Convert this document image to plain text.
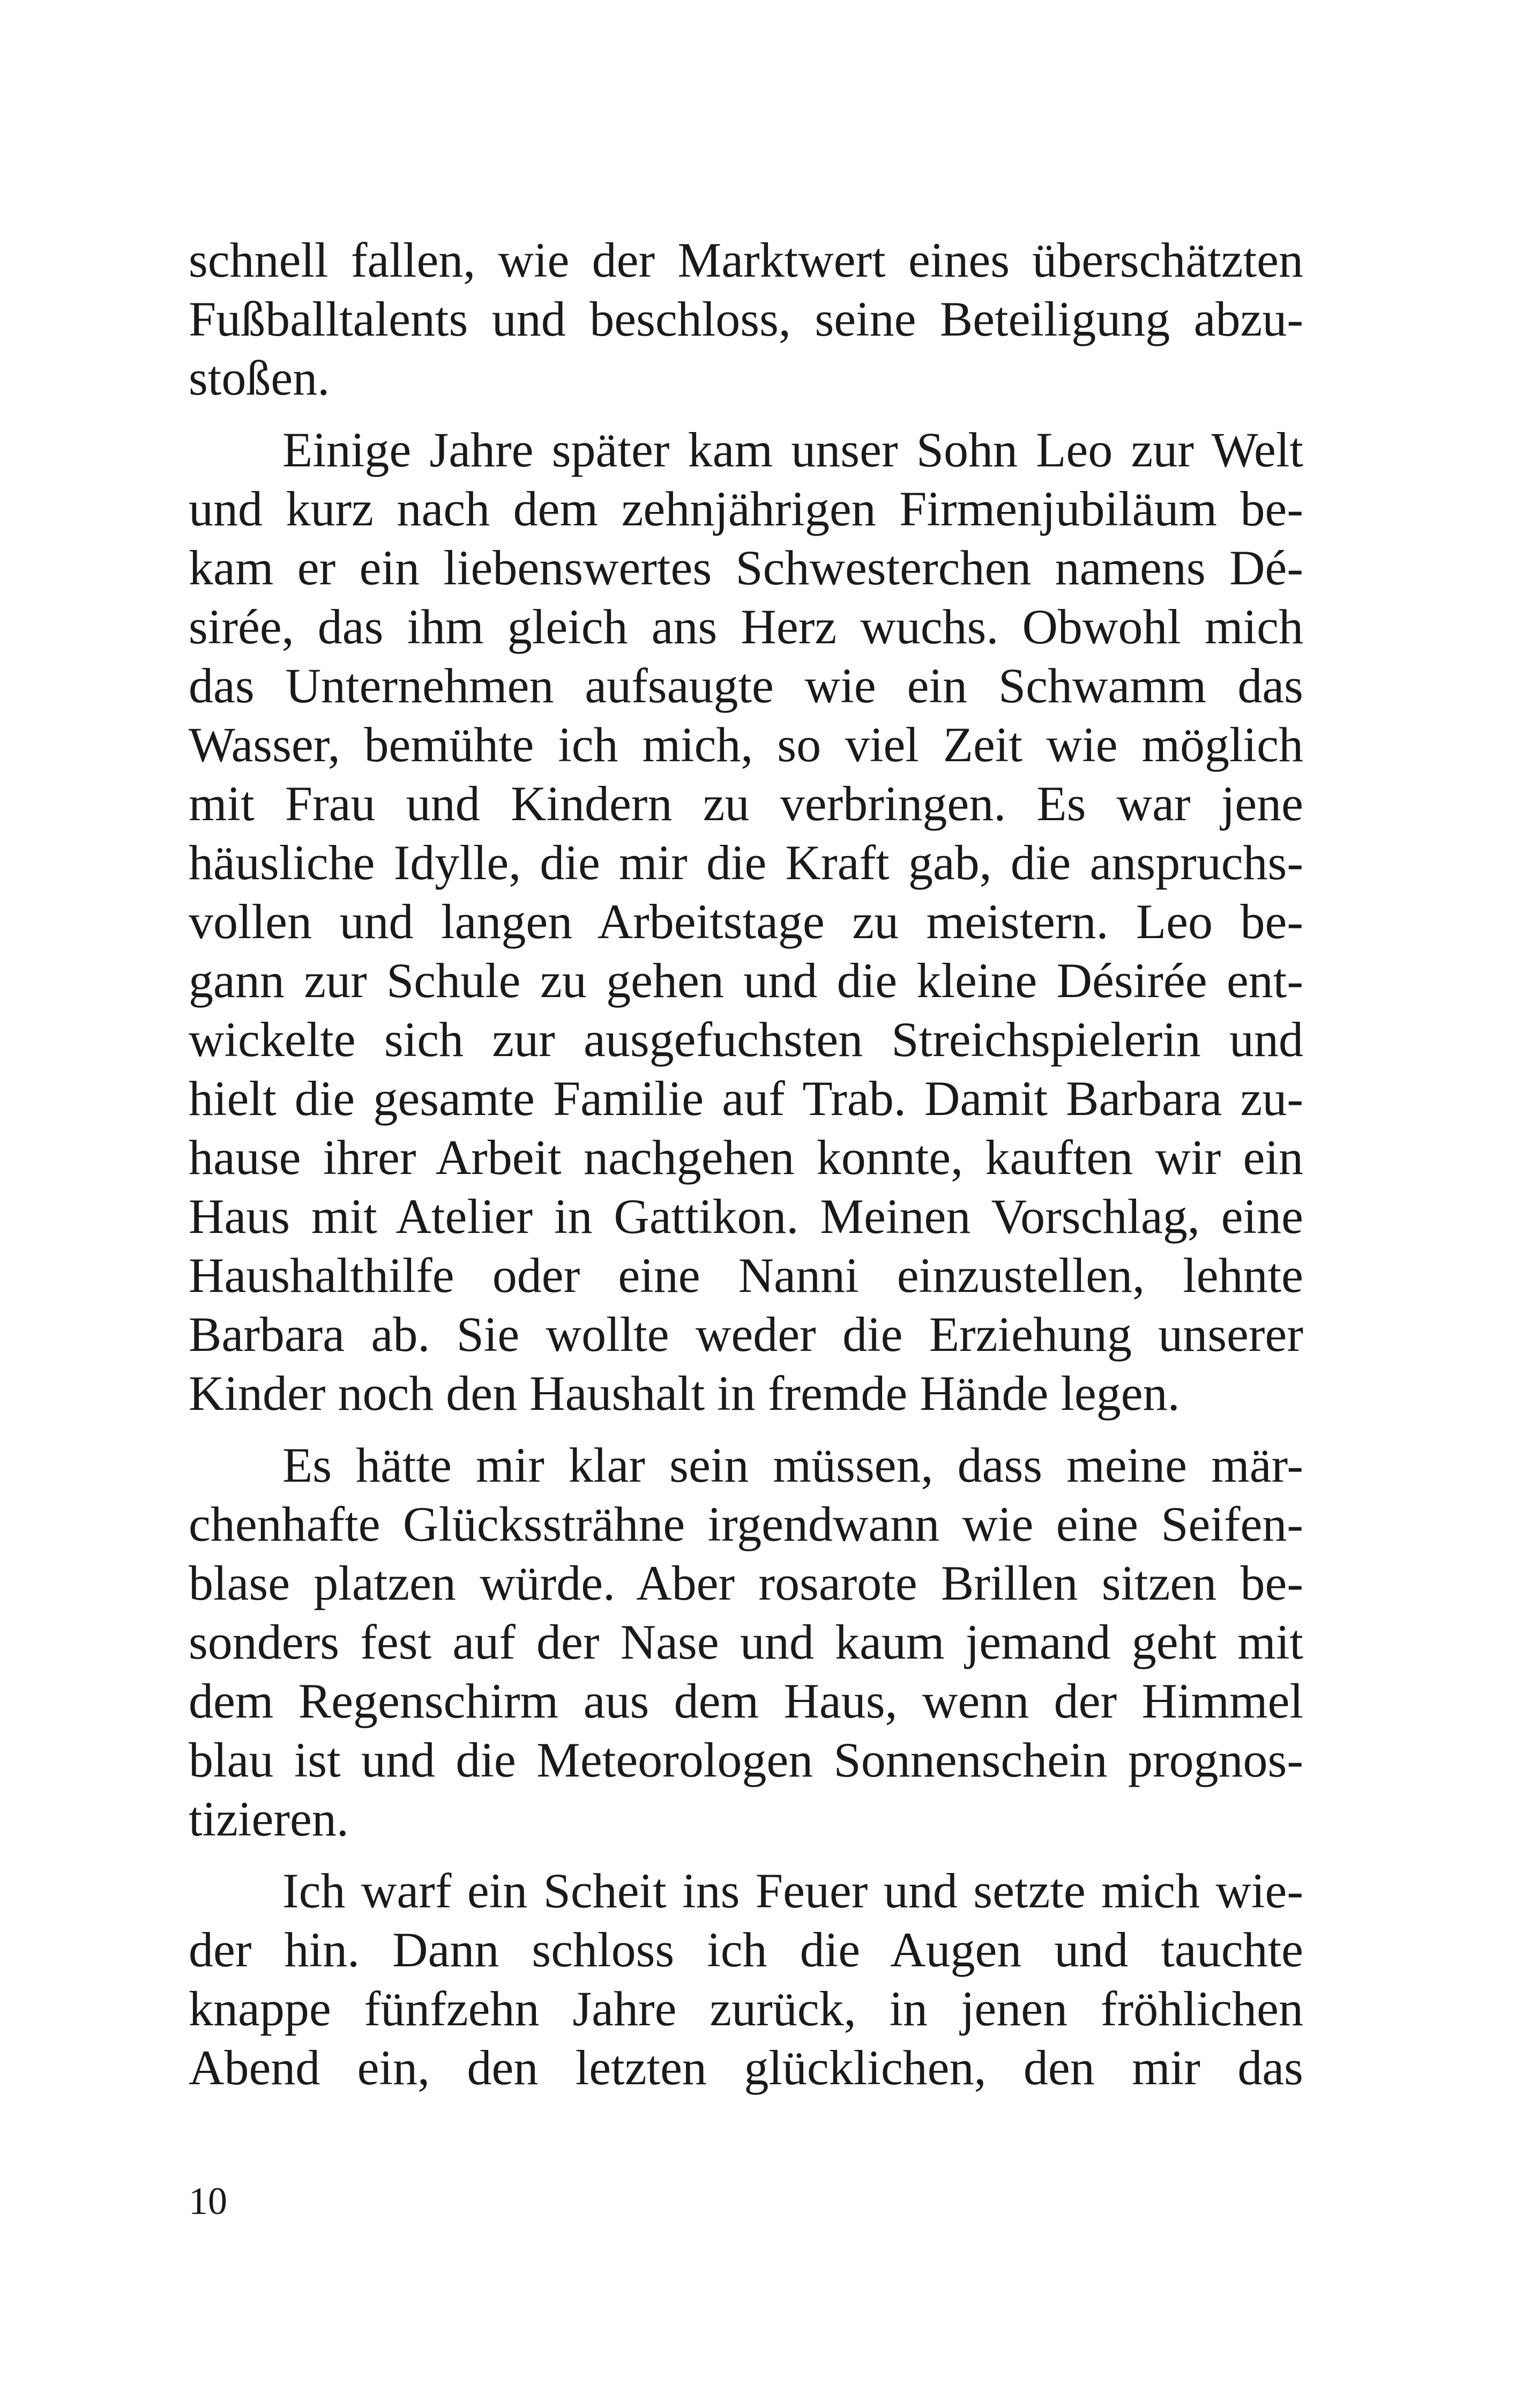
schnell fallen, wie der Marktwert eines überschätzten
Fußballtalents und beschloss, seine Beteiligung abzu-
stoßen.
Einige Jahre später kam unser Sohn Leo zur Welt
und kurz nach dem zehnjährigen Firmenjubiläum be-
kam er ein liebenswertes Schwesterchen namens Dé-
sirée, das ihm gleich ans Herz wuchs. Obwohl mich
das Unternehmen aufsaugte wie ein Schwamm das
Wasser, bemühte ich mich, so viel Zeit wie möglich
mit Frau und Kindern zu verbringen. Es war jene
häusliche Idylle, die mir die Kraft gab, die anspruchs-
vollen und langen Arbeitstage zu meistern. Leo be-
gann zur Schule zu gehen und die kleine Désirée ent-
wickelte sich zur ausgefuchsten Streichspielerin und
hielt die gesamte Familie auf Trab. Damit Barbara zu-
hause ihrer Arbeit nachgehen konnte, kauften wir ein
Haus mit Atelier in Gattikon. Meinen Vorschlag, eine
Haushalthilfe oder eine Nanni einzustellen, lehnte
Barbara ab. Sie wollte weder die Erziehung unserer
Kinder noch den Haushalt in fremde Hände legen.
Es hätte mir klar sein müssen, dass meine mär-
chenhafte Glückssträhne irgendwann wie eine Seifen-
blase platzen würde. Aber rosarote Brillen sitzen be-
sonders fest auf der Nase und kaum jemand geht mit
dem Regenschirm aus dem Haus, wenn der Himmel
blau ist und die Meteorologen Sonnenschein prognos-
tizieren.
Ich warf ein Scheit ins Feuer und setzte mich wie-
der hin. Dann schloss ich die Augen und tauchte
knappe fünfzehn Jahre zurück, in jenen fröhlichen
Abend ein, den letzten glücklichen, den mir das
10
